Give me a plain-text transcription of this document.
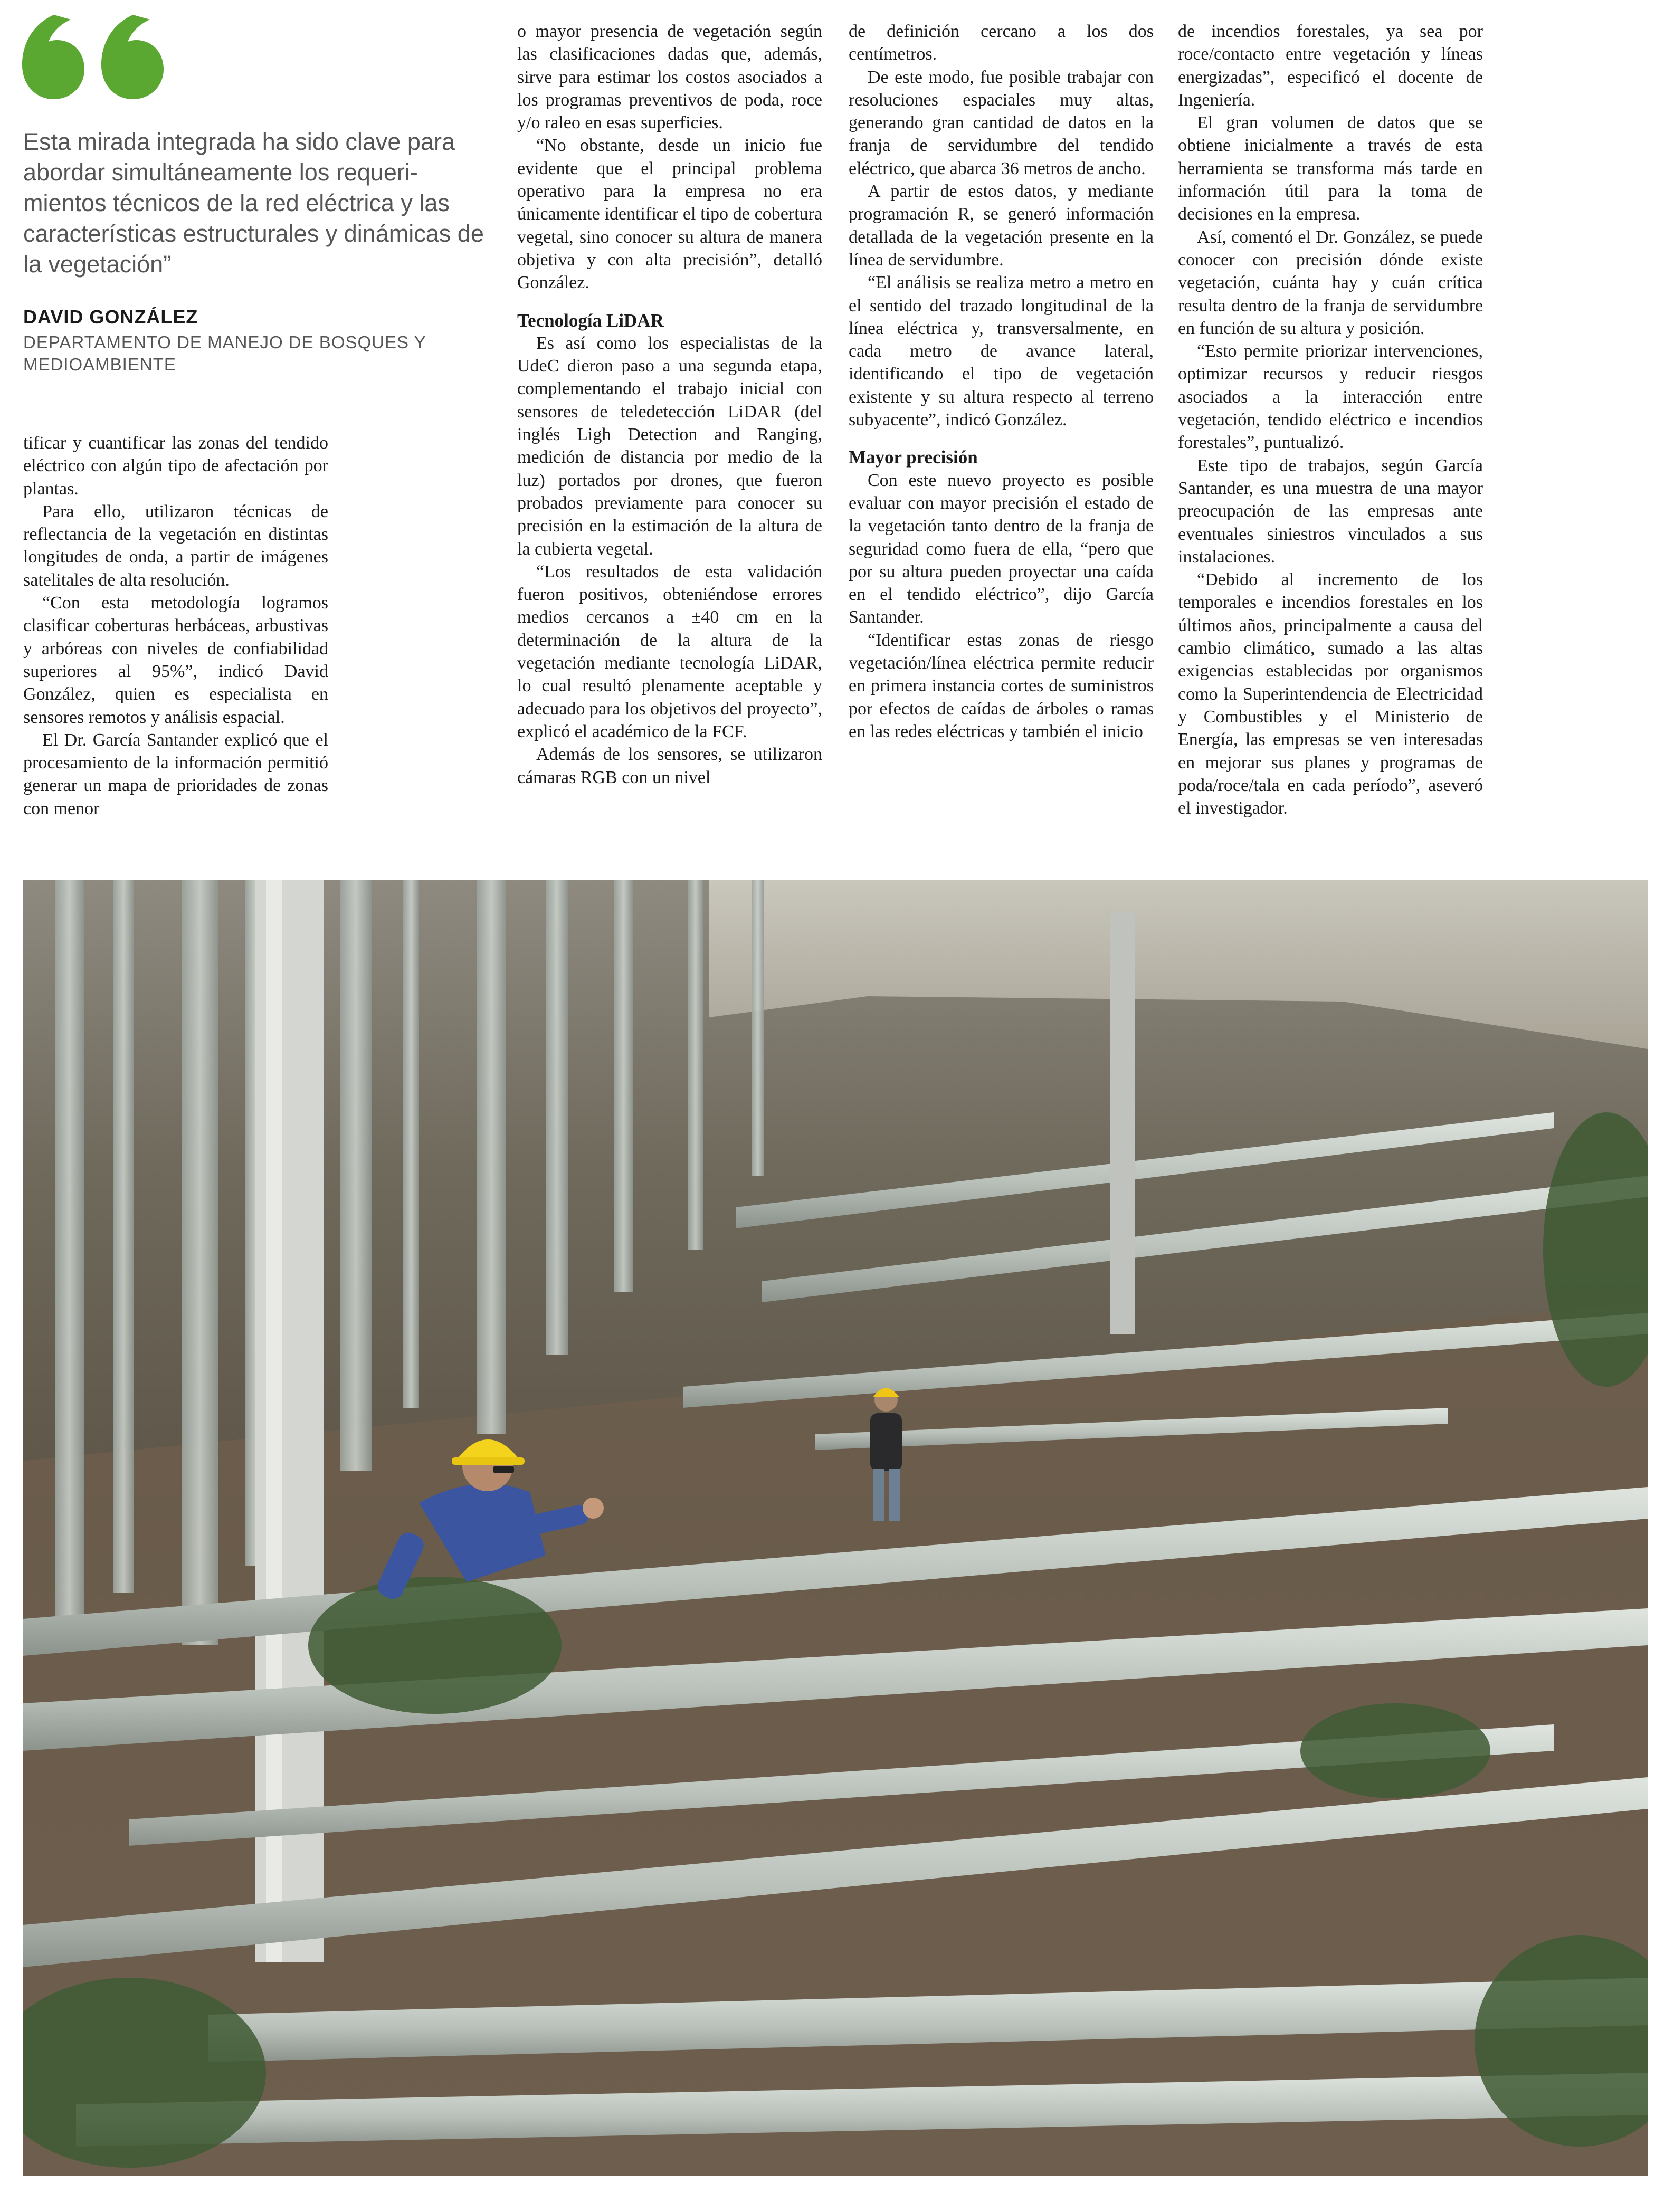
Esta mirada integrada ha sido clave para abordar simultáneamente los requeri-mientos técnicos de la red eléctrica y las características estructurales y dinámicas de la vegetación”
DAVID GONZÁLEZ
DEPARTAMENTO DE MANEJO DE BOSQUES Y MEDIOAMBIENTE

tificar y cuantificar las zonas del tendido eléctrico con algún tipo de afectación por plantas.

Para ello, utilizaron técnicas de reflectancia de la vegetación en distintas longitudes de onda, a partir de imágenes satelitales de alta resolución.

“Con esta metodología logramos clasificar coberturas herbáceas, arbustivas y arbóreas con niveles de confiabilidad superiores al 95%”, indicó David González, quien es especialista en sensores remotos y análisis espacial.

El Dr. García Santander explicó que el procesamiento de la información permitió generar un mapa de prioridades de zonas con menor

o mayor presencia de vegetación según las clasificaciones dadas que, además, sirve para estimar los costos asociados a los programas preventivos de poda, roce y/o raleo en esas superficies.

“No obstante, desde un inicio fue evidente que el principal problema operativo para la empresa no era únicamente identificar el tipo de cobertura vegetal, sino conocer su altura de manera objetiva y con alta precisión”, detalló González.

Tecnología LiDAR

Es así como los especialistas de la UdeC dieron paso a una segunda etapa, complementando el trabajo inicial con sensores de teledetección LiDAR (del inglés Ligh Detection and Ranging, medición de distancia por medio de la luz) portados por drones, que fueron probados previamente para conocer su precisión en la estimación de la altura de la cubierta vegetal.

“Los resultados de esta validación fueron positivos, obteniéndose errores medios cercanos a ±40 cm en la determinación de la altura de la vegetación mediante tecnología LiDAR, lo cual resultó plenamente aceptable y adecuado para los objetivos del proyecto”, explicó el académico de la FCF.

Además de los sensores, se utilizaron cámaras RGB con un nivel

de definición cercano a los dos centímetros.

De este modo, fue posible trabajar con resoluciones espaciales muy altas, generando gran cantidad de datos en la franja de servidumbre del tendido eléctrico, que abarca 36 metros de ancho.

A partir de estos datos, y mediante programación R, se generó información detallada de la vegetación presente en la línea de servidumbre.

“El análisis se realiza metro a metro en el sentido del trazado longitudinal de la línea eléctrica y, transversalmente, en cada metro de avance lateral, identificando el tipo de vegetación existente y su altura respecto al terreno subyacente”, indicó González.

Mayor precisión

Con este nuevo proyecto es posible evaluar con mayor precisión el estado de la vegetación tanto dentro de la franja de seguridad como fuera de ella, “pero que por su altura pueden proyectar una caída en el tendido eléctrico”, dijo García Santander.

“Identificar estas zonas de riesgo vegetación/línea eléctrica permite reducir en primera instancia cortes de suministros por efectos de caídas de árboles o ramas en las redes eléctricas y también el inicio

de incendios forestales, ya sea por roce/contacto entre vegetación y líneas energizadas”, especificó el docente de Ingeniería.

El gran volumen de datos que se obtiene inicialmente a través de esta herramienta se transforma más tarde en información útil para la toma de decisiones en la empresa.

Así, comentó el Dr. González, se puede conocer con precisión dónde existe vegetación, cuánta hay y cuán crítica resulta dentro de la franja de servidumbre en función de su altura y posición.

“Esto permite priorizar intervenciones, optimizar recursos y reducir riesgos asociados a la interacción entre vegetación, tendido eléctrico e incendios forestales”, puntualizó.

Este tipo de trabajos, según García Santander, es una muestra de una mayor preocupación de las empresas ante eventuales siniestros vinculados a sus instalaciones.

“Debido al incremento de los temporales e incendios forestales en los últimos años, principalmente a causa del cambio climático, sumado a las altas exigencias establecidas por organismos como la Superintendencia de Electricidad y Combustibles y el Ministerio de Energía, las empresas se ven interesadas en mejorar sus planes y programas de poda/roce/tala en cada período”, aseveró el investigador.
